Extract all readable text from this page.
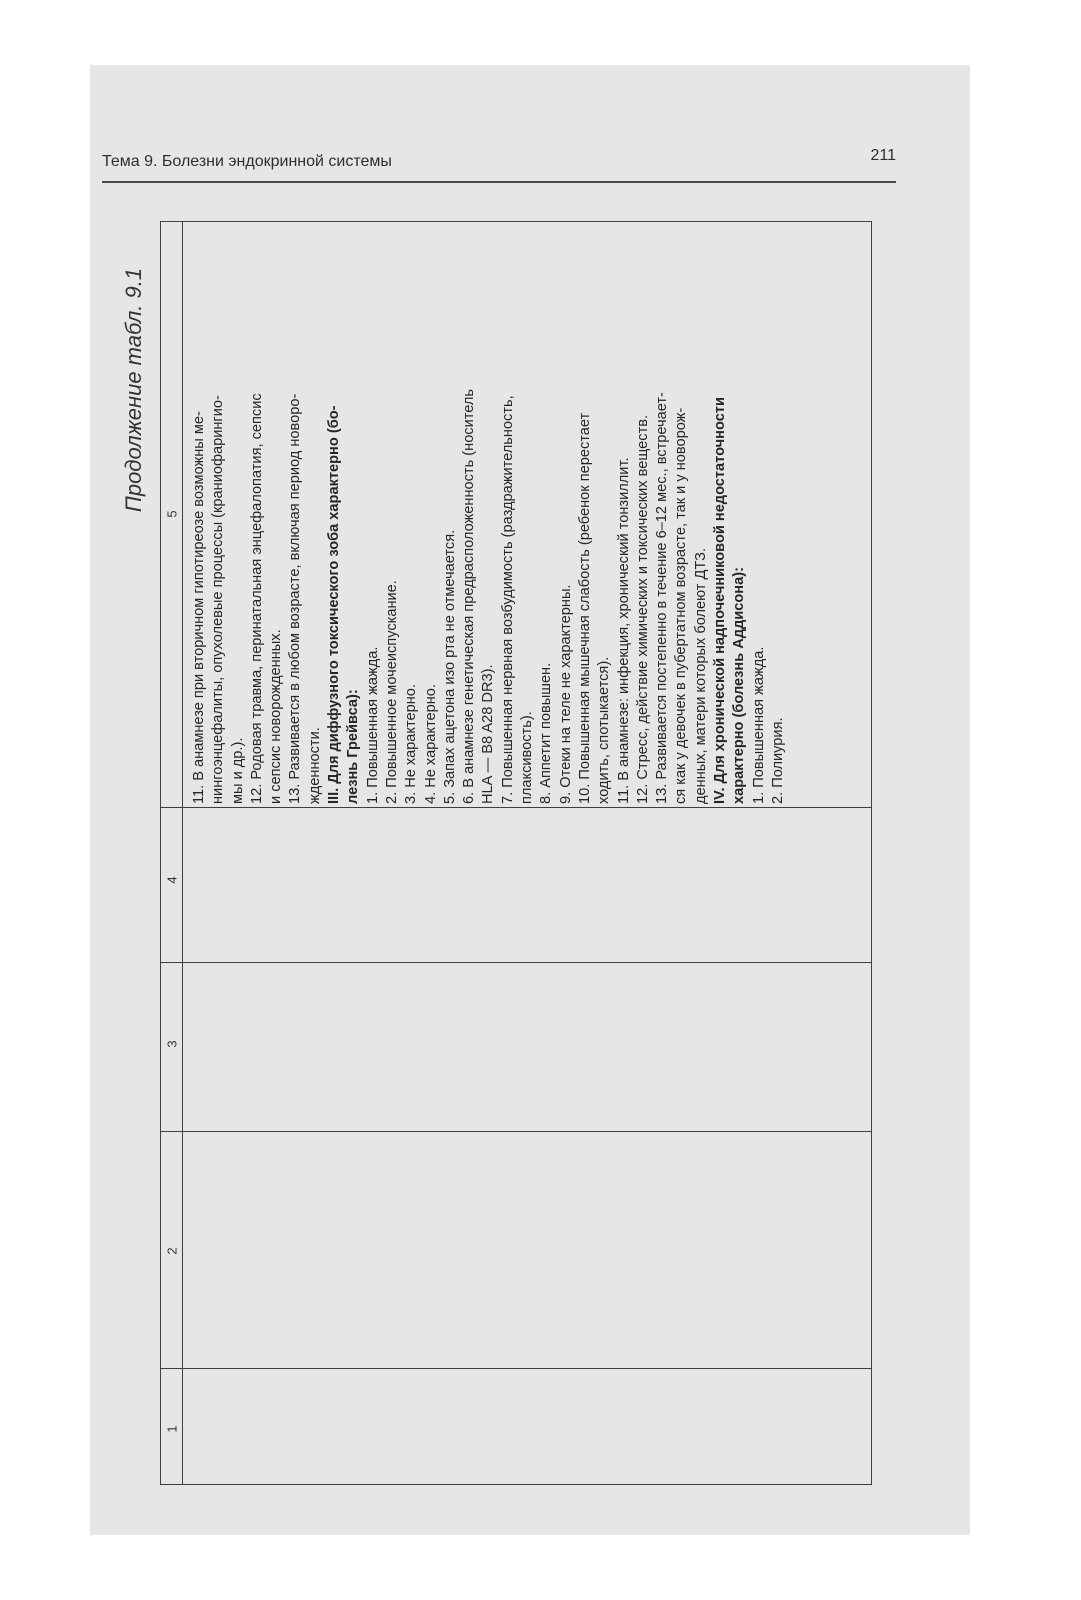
Тема 9. Болезни эндокринной системы	211
Продолжение табл. 9.1
5
4
3
2
1
11. В анамнезе при вторичном гипотиреозе возможны ме- нингоэнцефалиты, опухолевые процессы (краниофарингио- мы и др.). 12. Родовая травма, перинатальная энцефалопатия, сепсис и сепсис новорожденных. 13. Развивается в любом возрасте, включая период новоро- жденности. III. Для диффузного токсического зоба характерно (бо- лезнь Грейвса): 1. Повышенная жажда. 2. Повышенное мочеиспускание. 3. Не характерно. 4. Не характерно. 5. Запах ацетона изо рта не отмечается. 6. В анамнезе генетическая предрасположенность (носитель HLA — B8 A28 DR3). 7. Повышенная нервная возбудимость (раздражительность, плаксивость). 8. Аппетит повышен. 9. Отеки на теле не характерны. 10. Повышенная мышечная слабость (ребенок перестает ходить, спотыкается). 11. В анамнезе: инфекция, хронический тонзиллит. 12. Стресс, действие химических и токсических веществ. 13. Развивается постепенно в течение 6–12 мес., встречает- ся как у девочек в пубертатном возрасте, так и у новорож- денных, матери которых болеют ДТЗ. IV. Для хронической надпочечниковой недостаточности характерно (болезнь Аддисона): 1. Повышенная жажда. 2. Полиурия.
